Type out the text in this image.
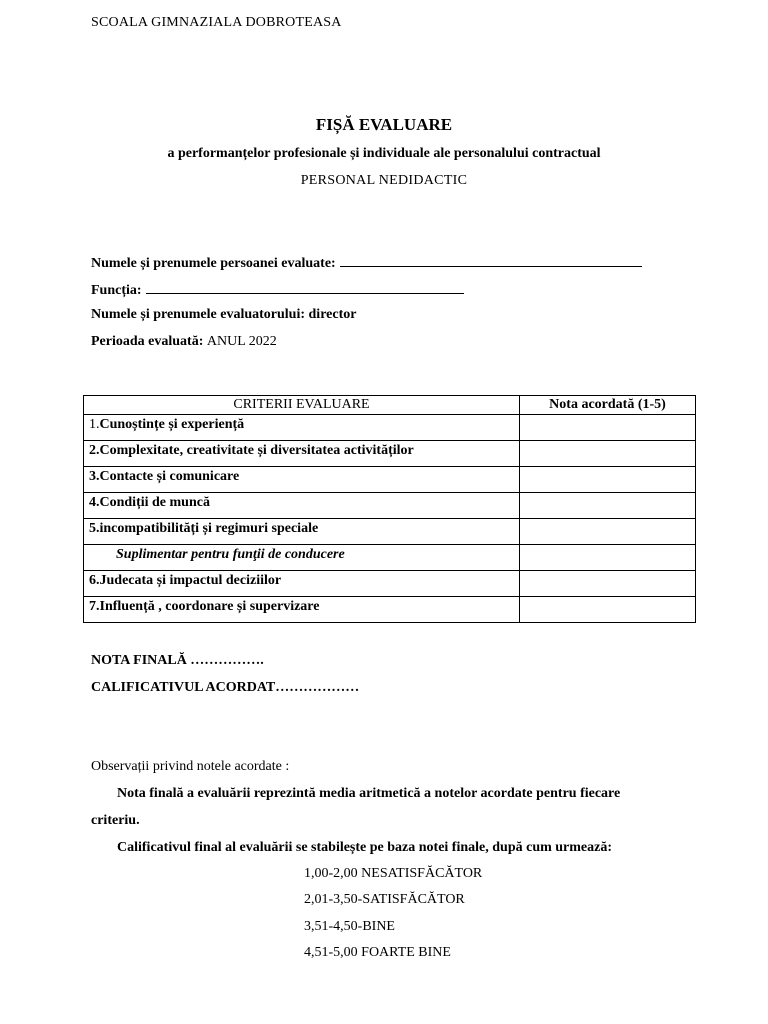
SCOALA GIMNAZIALA DOBROTEASA
FIȘĂ EVALUARE
a performanțelor profesionale și individuale ale personalului contractual
PERSONAL NEDIDACTIC
Numele și prenumele persoanei evaluate:
Funcția:
Numele și prenumele evaluatorului: director
Perioada evaluată: ANUL 2022
CRITERII EVALUARE	Nota acordată (1-5)
1.Cunoștințe și experiență	
2.Complexitate, creativitate și diversitatea activităților	
3.Contacte și comunicare	
4.Condiții de muncă	
5.incompatibilități și regimuri speciale	
Suplimentar pentru funţii de conducere	
6.Judecata și impactul deciziilor	
7.Influență , coordonare și supervizare	
NOTA FINALĂ …………….
CALIFICATIVUL ACORDAT………………
Observații privind notele acordate :
Nota finală a evaluării reprezintă media aritmetică a notelor acordate pentru fiecare
criteriu.
Calificativul final al evaluării se stabilește pe baza notei finale, după cum urmează:
1,00-2,00 NESATISFĂCĂTOR
2,01-3,50-SATISFĂCĂTOR
3,51-4,50-BINE
4,51-5,00 FOARTE BINE
